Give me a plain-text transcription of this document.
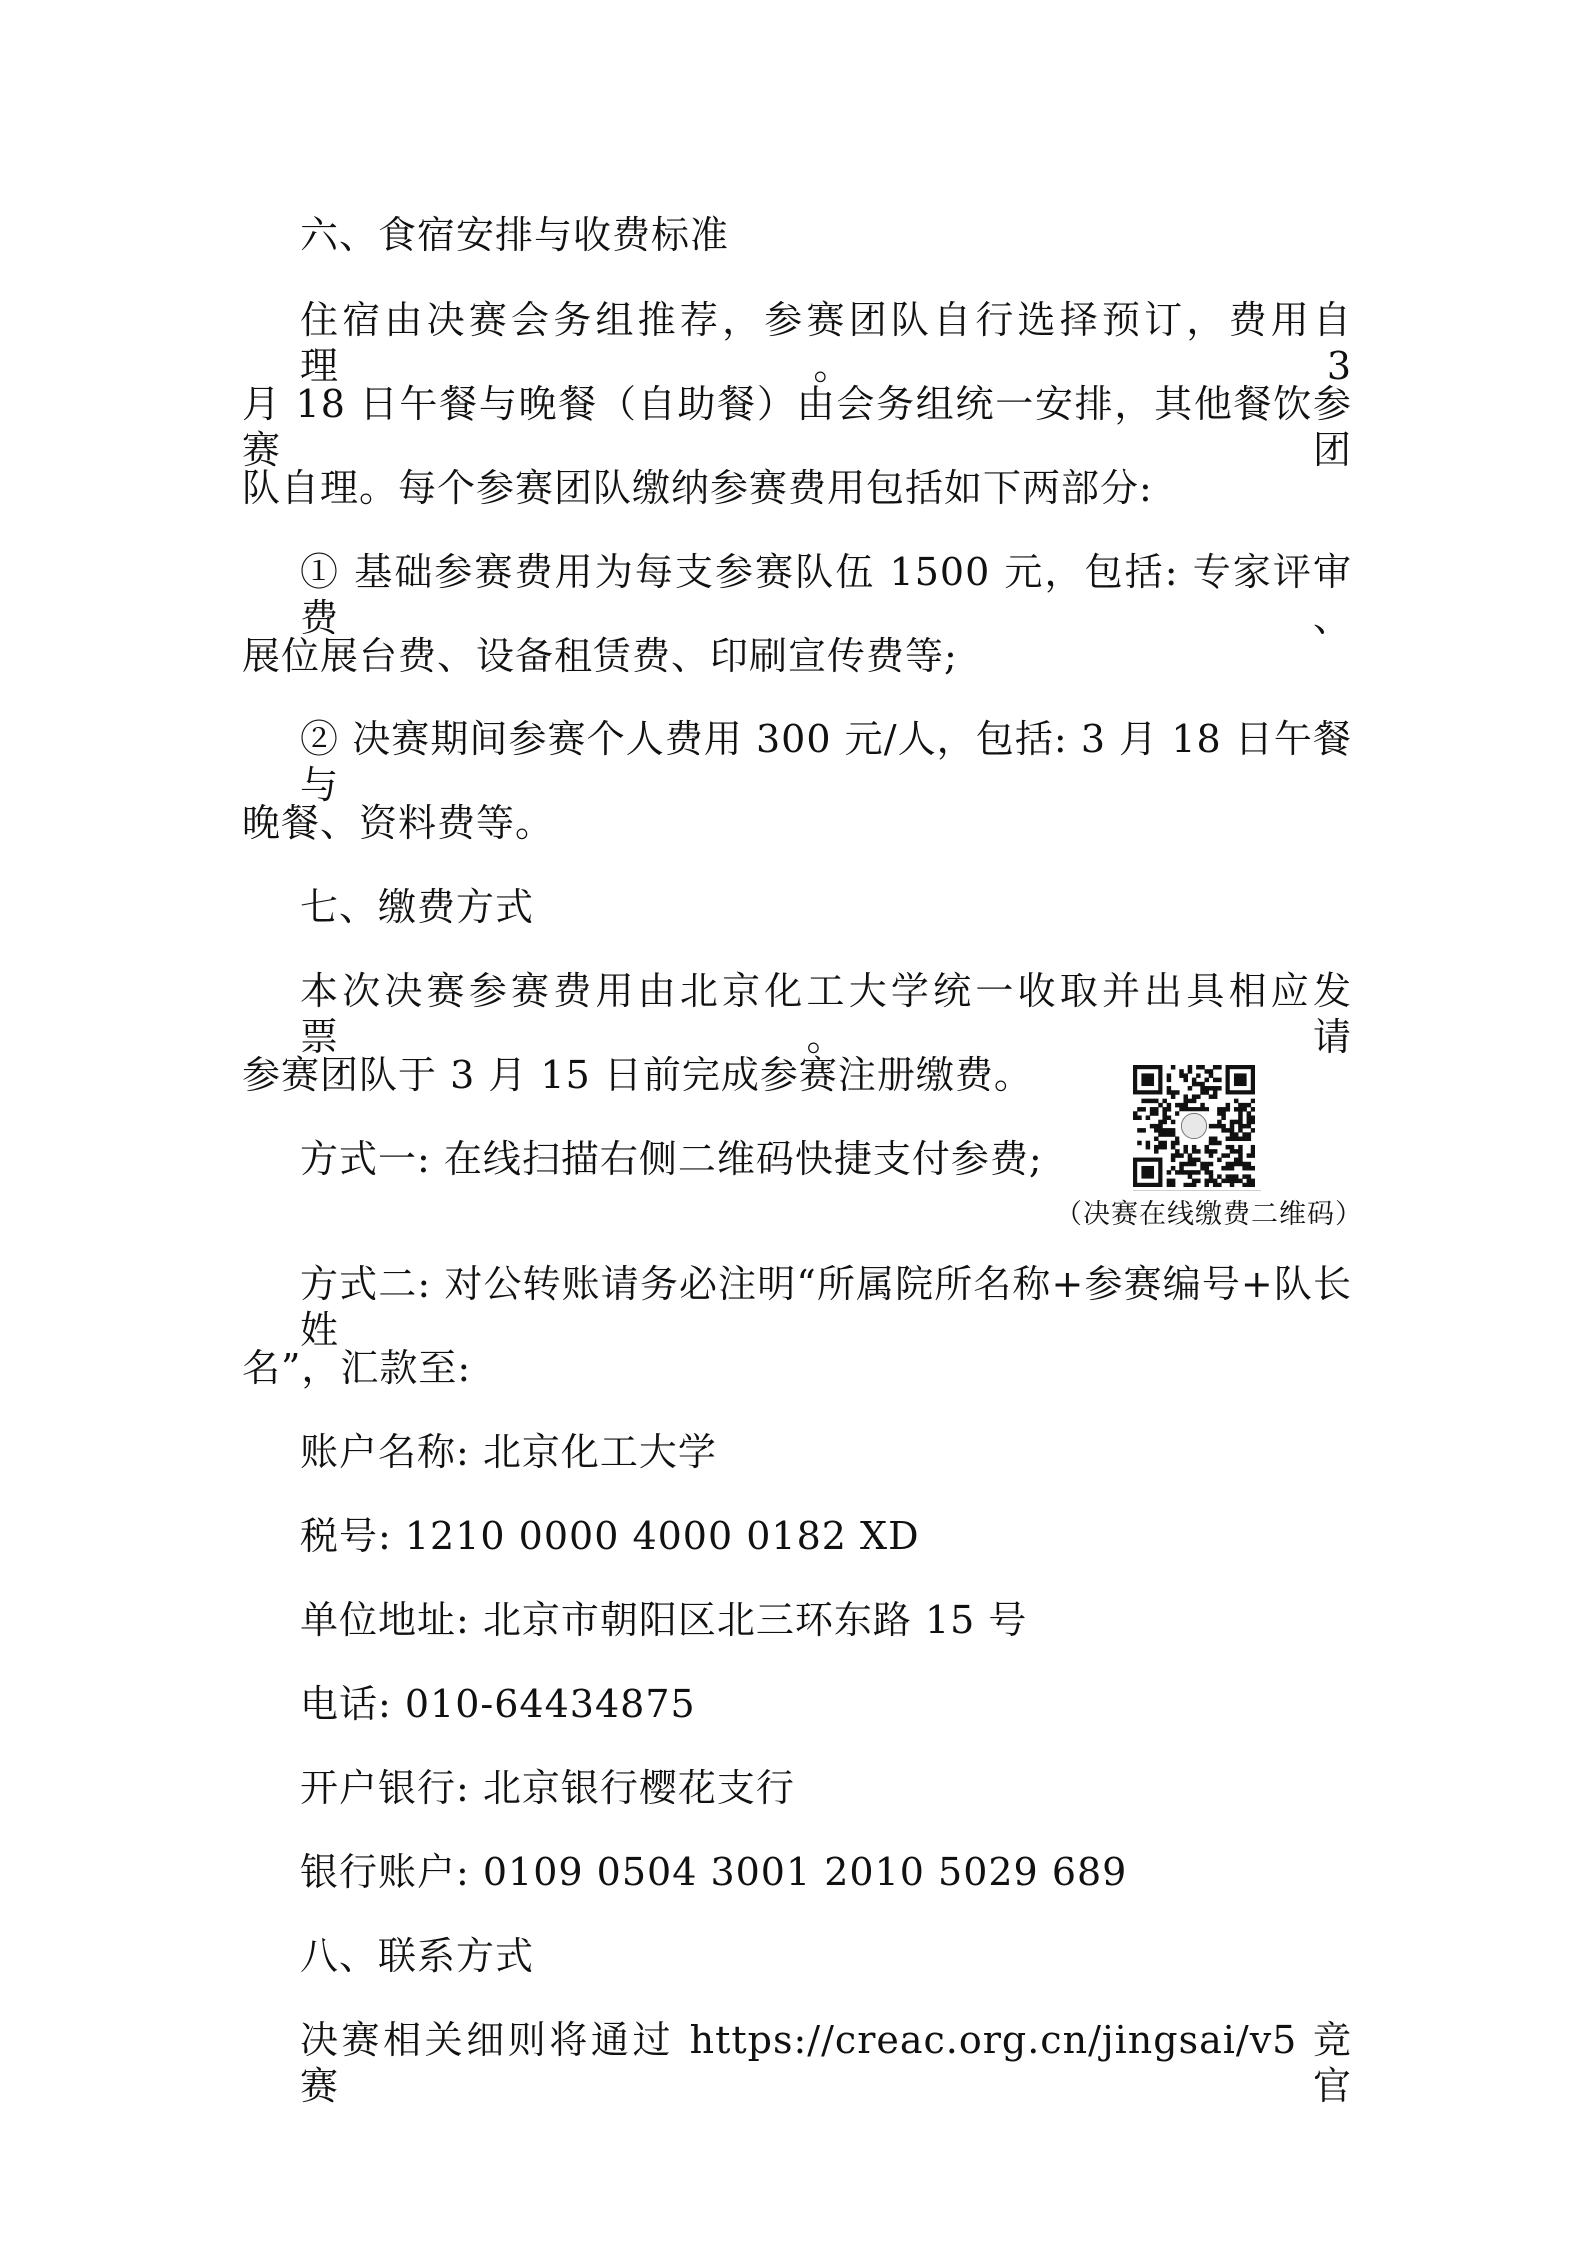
六、食宿安排与收费标准
住宿由决赛会务组推荐，参赛团队自行选择预订，费用自理。3
月 18 日午餐与晚餐（自助餐）由会务组统一安排，其他餐饮参赛团
队自理。每个参赛团队缴纳参赛费用包括如下两部分:
① 基础参赛费用为每支参赛队伍 1500 元，包括: 专家评审费、
展位展台费、设备租赁费、印刷宣传费等;
② 决赛期间参赛个人费用 300 元/人，包括: 3 月 18 日午餐与
晚餐、资料费等。
七、缴费方式
本次决赛参赛费用由北京化工大学统一收取并出具相应发票。请
参赛团队于 3 月 15 日前完成参赛注册缴费。
方式一: 在线扫描右侧二维码快捷支付参费;
（决赛在线缴费二维码）
方式二: 对公转账请务必注明“所属院所名称+参赛编号+队长姓
名”，汇款至:
账户名称: 北京化工大学
税号: 1210 0000 4000 0182 XD
单位地址: 北京市朝阳区北三环东路 15 号
电话: 010-64434875
开户银行: 北京银行樱花支行
银行账户: 0109 0504 3001 2010 5029 689
八、联系方式
决赛相关细则将通过 https://creac.org.cn/jingsai/v5 竞赛官
